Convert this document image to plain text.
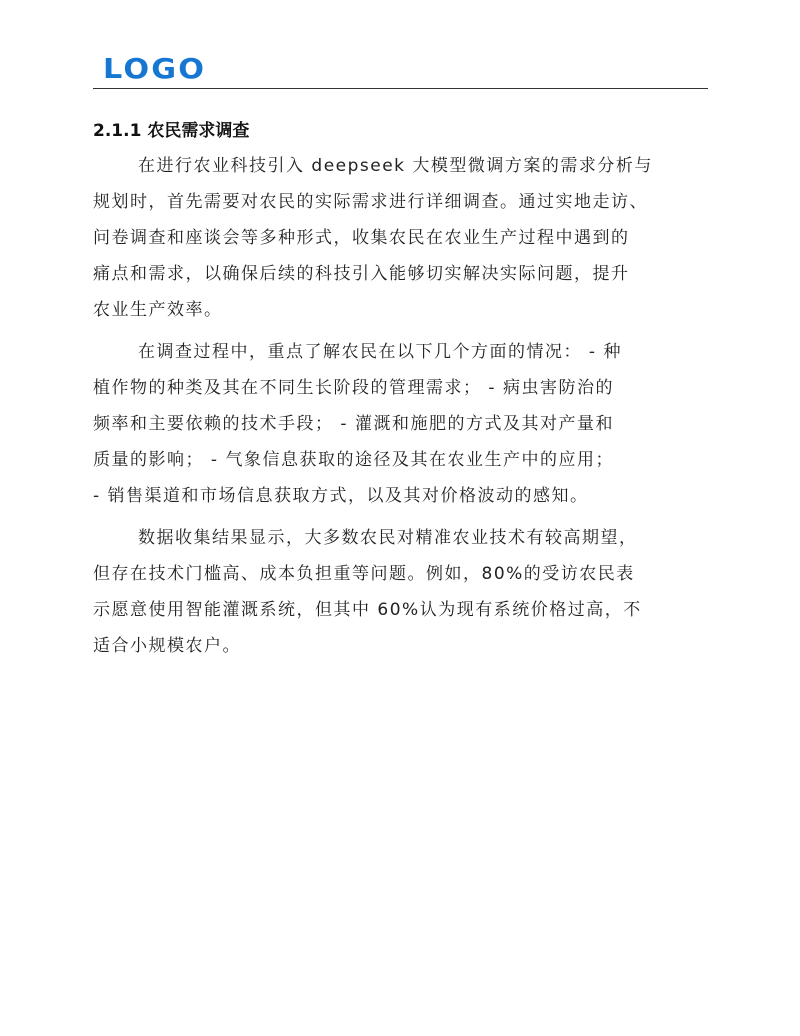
LOGO
2.1.1 农民需求调查

在进行农业科技引入 deepseek 大模型微调方案的需求分析与
规划时，首先需要对农民的实际需求进行详细调查。通过实地走访、
问卷调查和座谈会等多种形式，收集农民在农业生产过程中遇到的
痛点和需求，以确保后续的科技引入能够切实解决实际问题，提升
农业生产效率。

在调查过程中，重点了解农民在以下几个方面的情况： - 种
植作物的种类及其在不同生长阶段的管理需求； - 病虫害防治的
频率和主要依赖的技术手段； - 灌溉和施肥的方式及其对产量和
质量的影响； - 气象信息获取的途径及其在农业生产中的应用；
- 销售渠道和市场信息获取方式，以及其对价格波动的感知。

数据收集结果显示，大多数农民对精准农业技术有较高期望，
但存在技术门槛高、成本负担重等问题。例如，80%的受访农民表
示愿意使用智能灌溉系统，但其中 60%认为现有系统价格过高，不
适合小规模农户。
